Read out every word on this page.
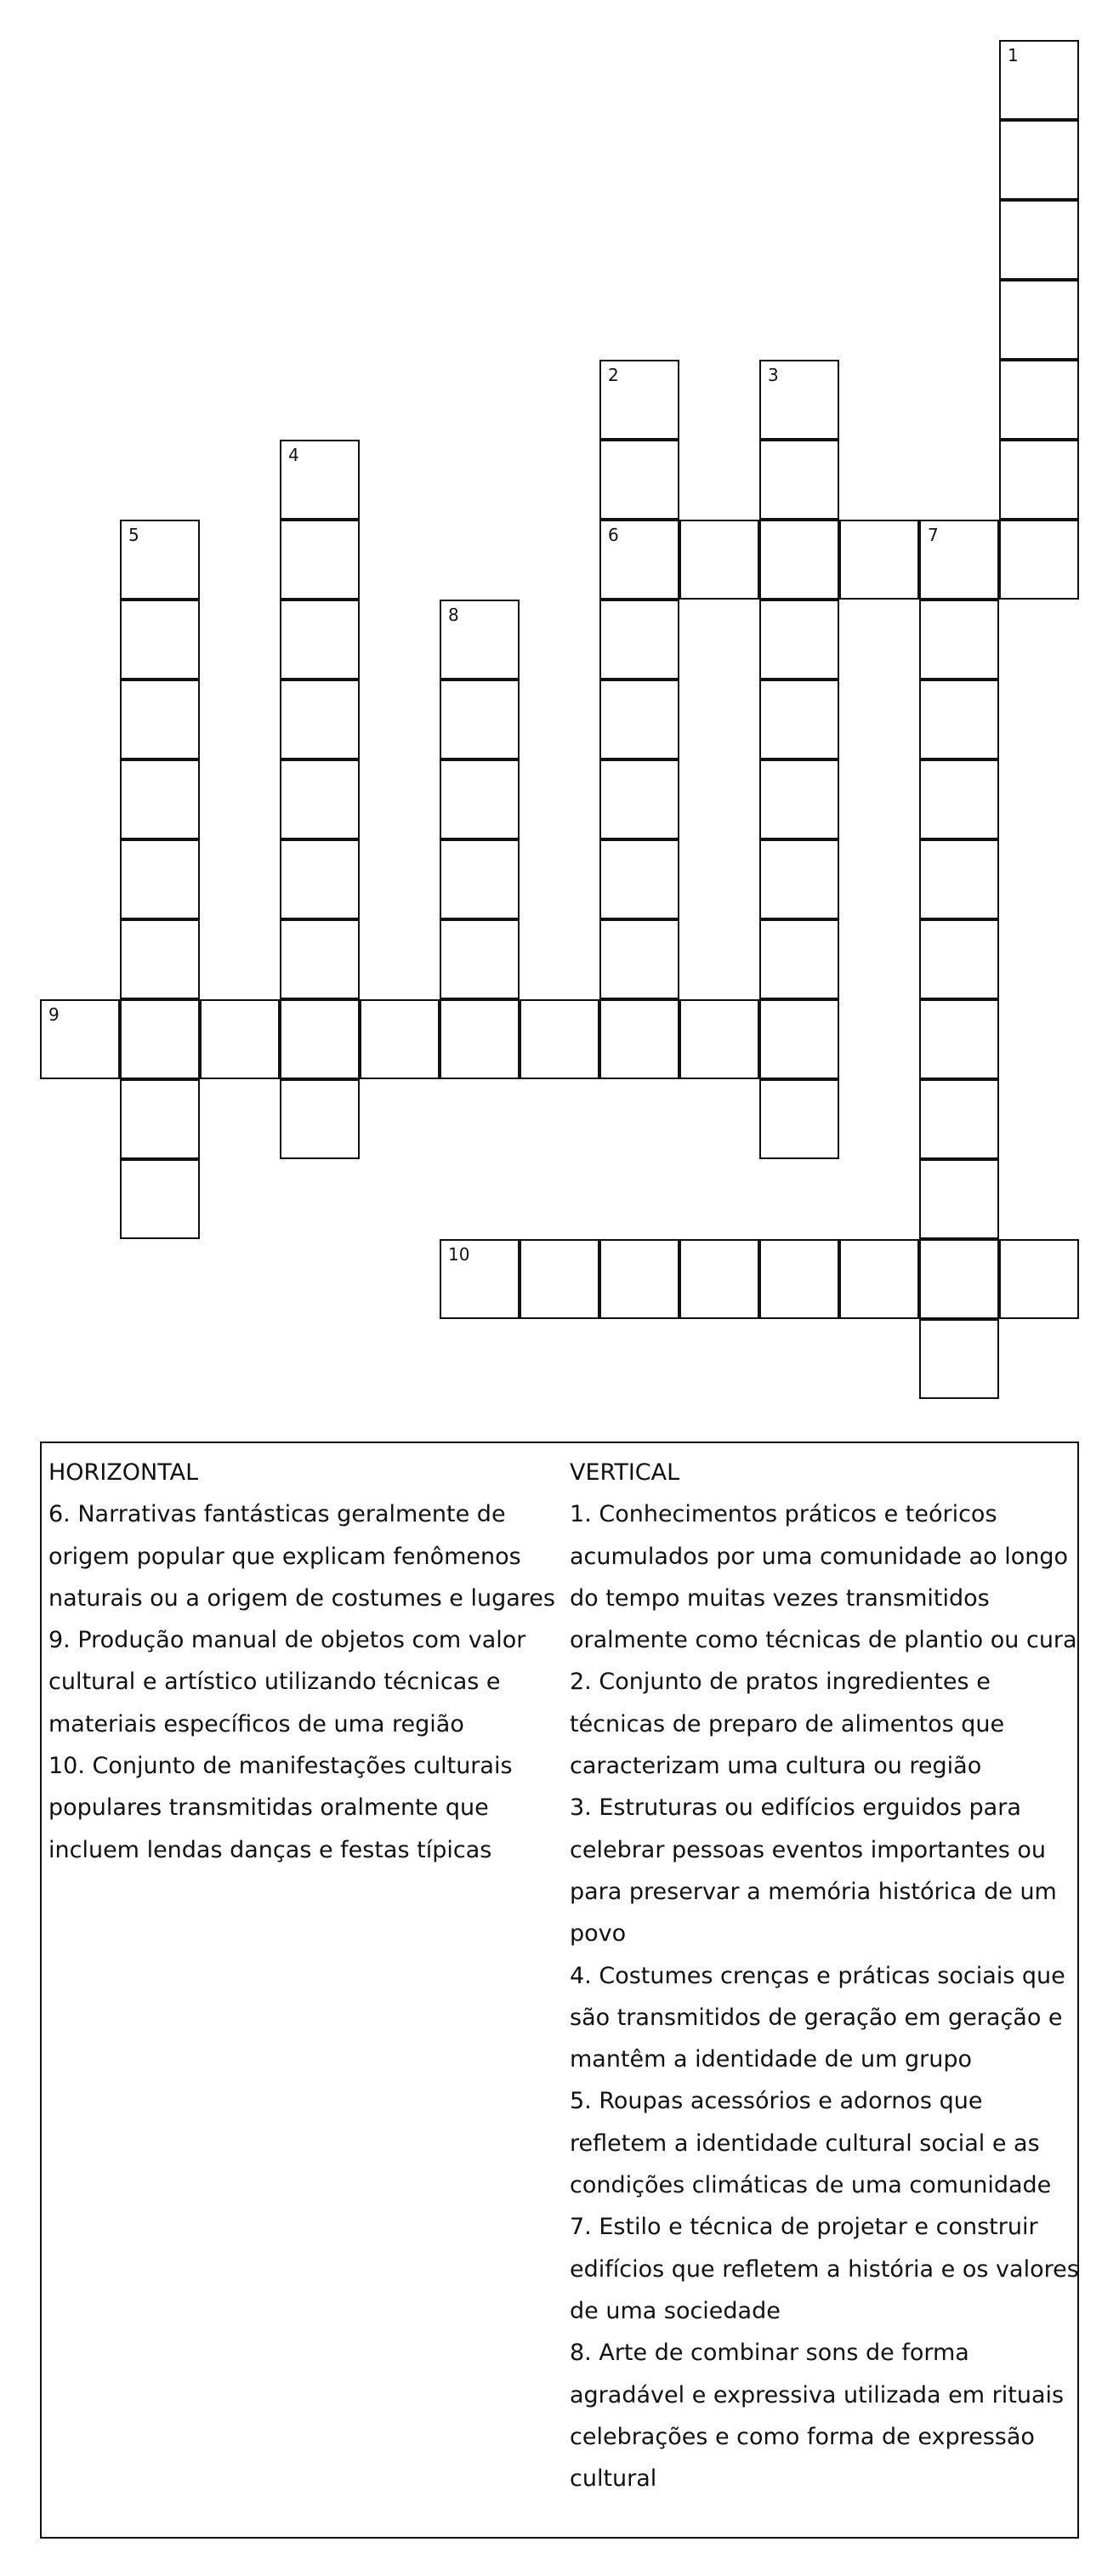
1
2
6
3
4
5	7
8
9
10

HORIZONTAL

6. Narrativas fantásticas geralmente de origem popular que explicam fenômenos naturais ou a origem de costumes e lugares

9. Produção manual de objetos com valor cultural e artístico utilizando técnicas e materiais específicos de uma região

10. Conjunto de manifestações culturais populares transmitidas oralmente que incluem lendas danças e festas típicas

VERTICAL

1. Conhecimentos práticos e teóricos acumulados por uma comunidade ao longo do tempo muitas vezes transmitidos oralmente como técnicas de plantio ou cura

2. Conjunto de pratos ingredientes e técnicas de preparo de alimentos que caracterizam uma cultura ou região

3. Estruturas ou edifícios erguidos para celebrar pessoas eventos importantes ou para preservar a memória histórica de um povo

4. Costumes crenças e práticas sociais que são transmitidos de geração em geração e mantêm a identidade de um grupo

5. Roupas acessórios e adornos que refletem a identidade cultural social e as condições climáticas de uma comunidade

7. Estilo e técnica de projetar e construir edifícios que refletem a história e os valores de uma sociedade

8. Arte de combinar sons de forma agradável e expressiva utilizada em rituais celebrações e como forma de expressão cultural
